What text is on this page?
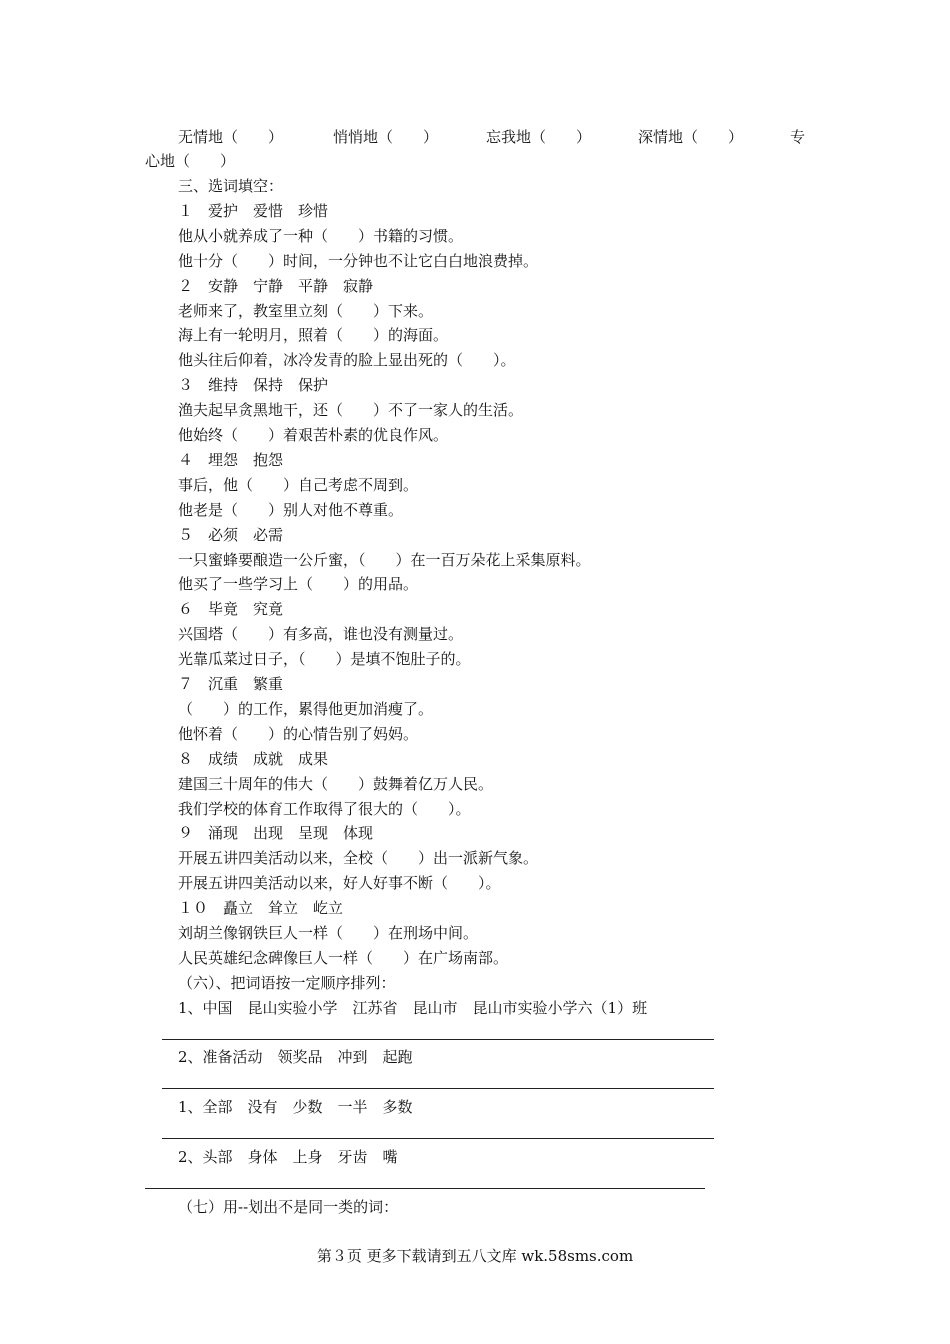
无情地（　　）	悄悄地（　　）	忘我地（　　）	深情地（　　）	专
心地（　　）
三、选词填空：
１　爱护　爱惜　珍惜
他从小就养成了一种（　　）书籍的习惯。
他十分（　　）时间，一分钟也不让它白白地浪费掉。
２　安静　宁静　平静　寂静
老师来了，教室里立刻（　　）下来。
海上有一轮明月，照着（　　）的海面。
他头往后仰着，冰冷发青的脸上显出死的（　　）。
３　维持　保持　保护
渔夫起早贪黑地干，还（　　）不了一家人的生活。
他始终（　　）着艰苦朴素的优良作风。
４　埋怨　抱怨
事后，他（　　）自己考虑不周到。
他老是（　　）别人对他不尊重。
５　必须　必需
一只蜜蜂要酿造一公斤蜜，（　　）在一百万朵花上采集原料。
他买了一些学习上（　　）的用品。
６　毕竟　究竟
兴国塔（　　）有多高，谁也没有测量过。
光靠瓜菜过日子，（　　）是填不饱肚子的。
７　沉重　繁重
（　　）的工作，累得他更加消瘦了。
他怀着（　　）的心情告别了妈妈。
８　成绩　成就　成果
建国三十周年的伟大（　　）鼓舞着亿万人民。
我们学校的体育工作取得了很大的（　　）。
９　涌现　出现　呈现　体现
开展五讲四美活动以来，全校（　　）出一派新气象。
开展五讲四美活动以来，好人好事不断（　　）。
１０　矗立　耸立　屹立
刘胡兰像钢铁巨人一样（　　）在刑场中间。
人民英雄纪念碑像巨人一样（　　）在广场南部。
（六）、把词语按一定顺序排列：
1、中国　昆山实验小学　江苏省　昆山市　昆山市实验小学六（1）班
2、准备活动　领奖品　冲到　起跑
1、全部　没有　少数　一半　多数
2、头部　身体　上身　牙齿　嘴
（七）用--划出不是同一类的词：
第３页 更多下载请到五八文库 wk.58sms.com
